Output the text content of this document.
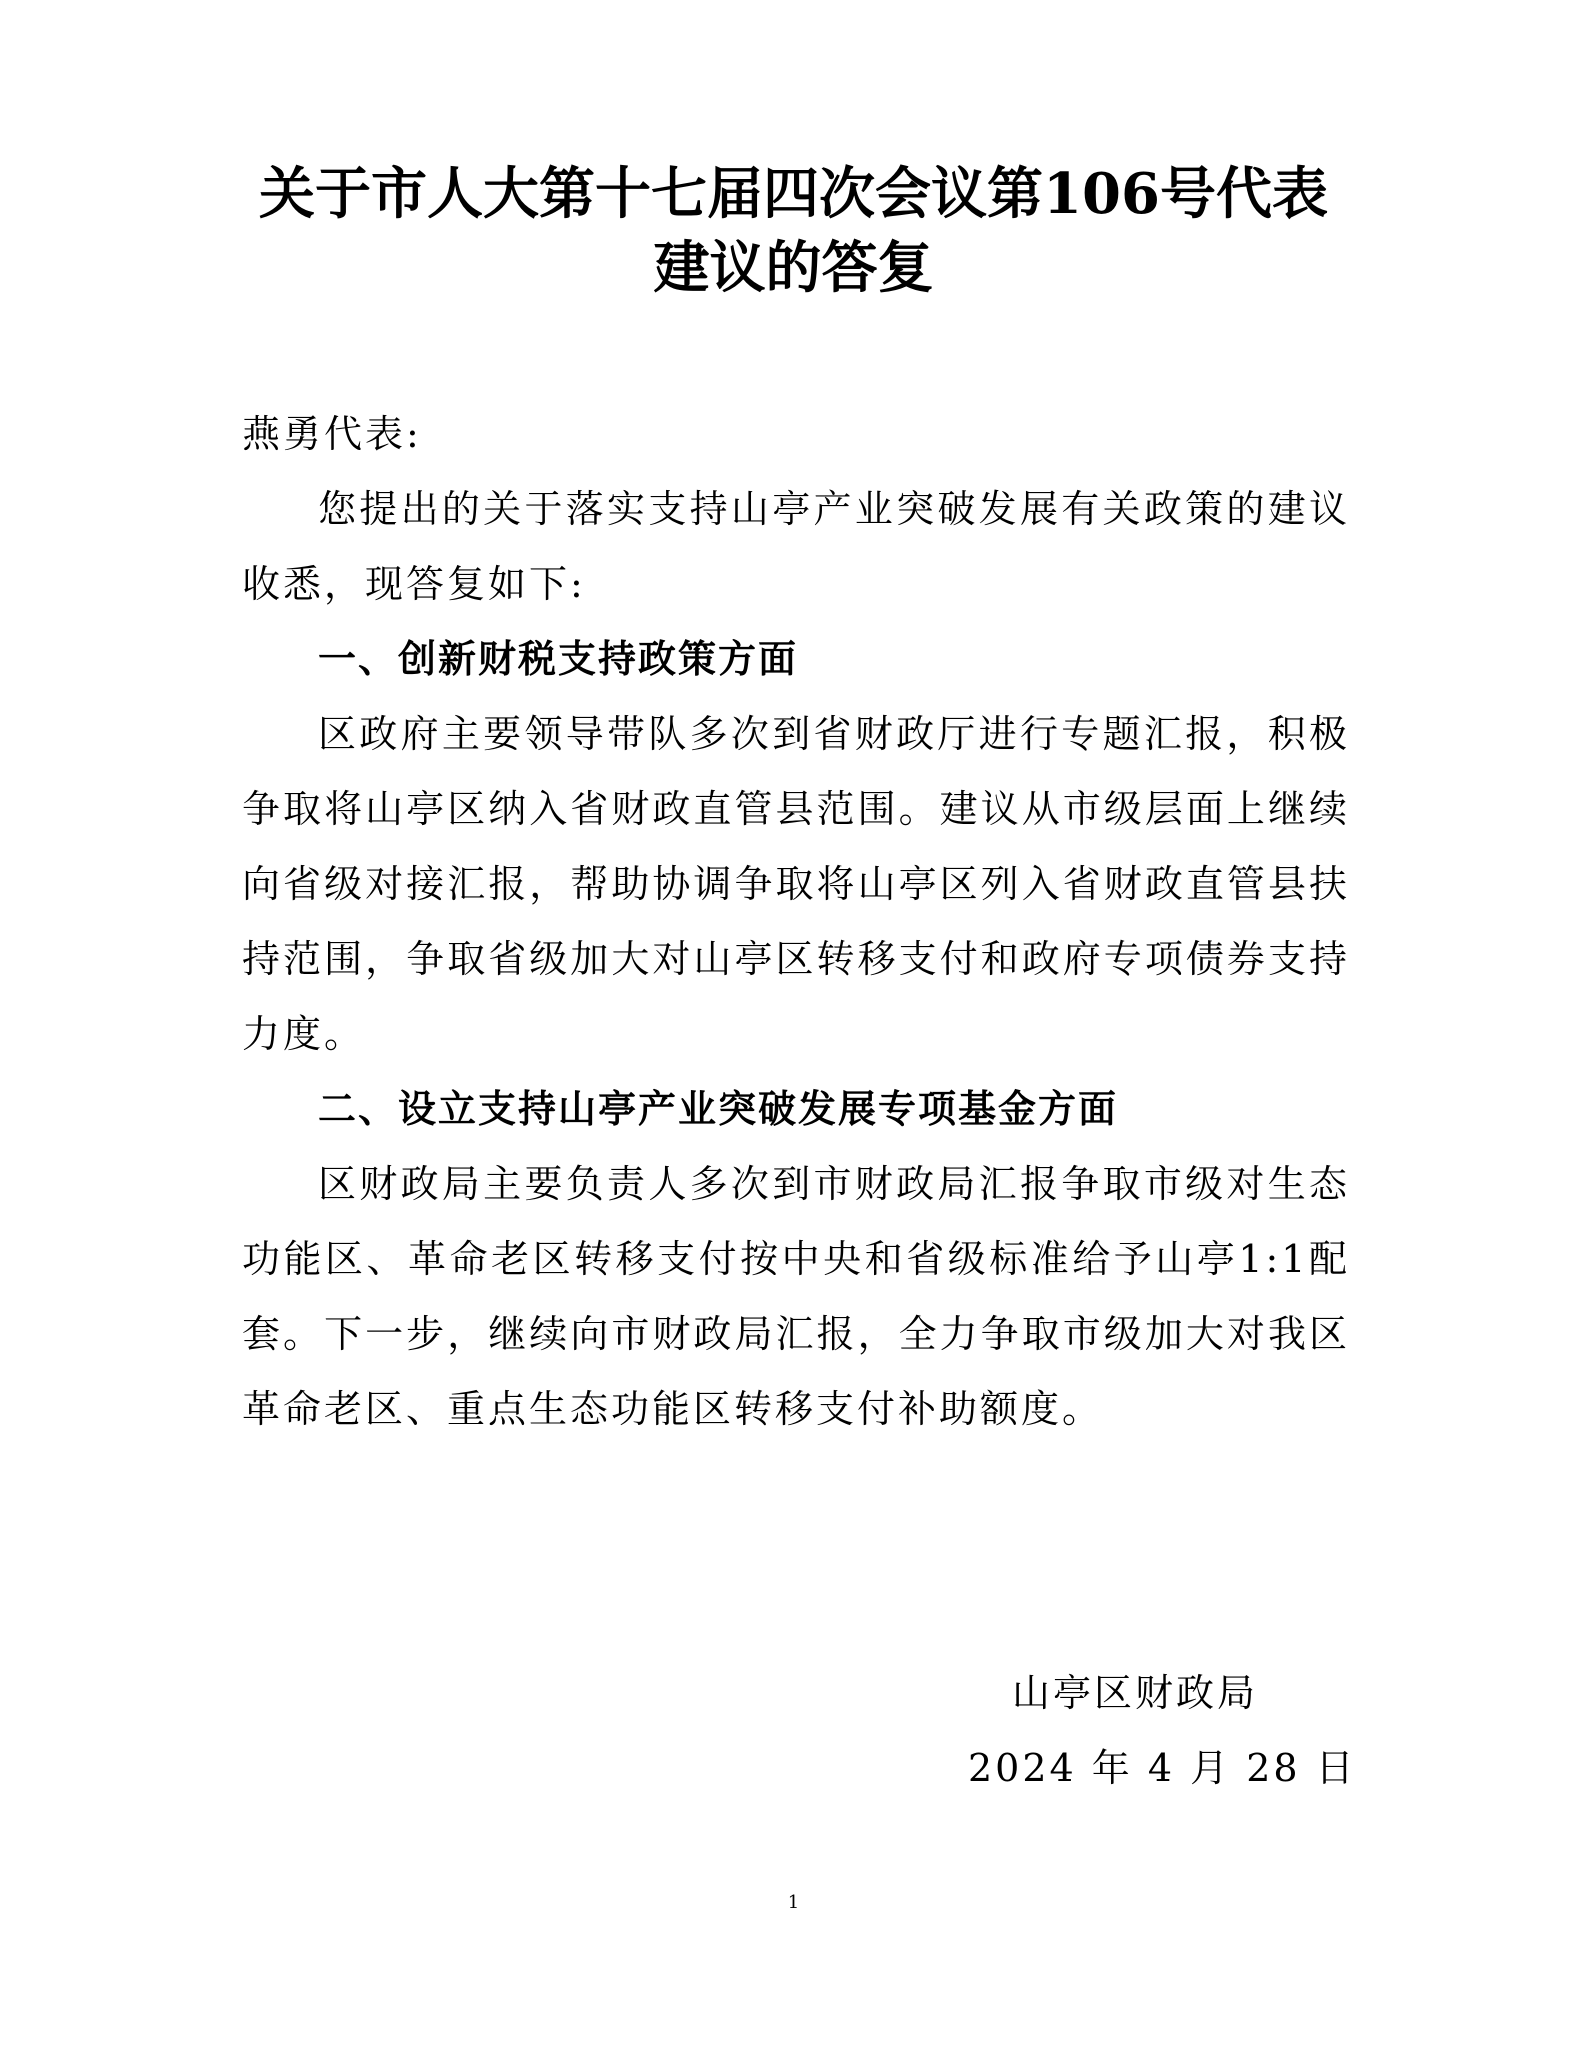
关于市人大第十七届四次会议第106号代表
建议的答复

燕勇代表:

您提出的关于落实支持山亭产业突破发展有关政策的建议收悉，现答复如下:

一、创新财税支持政策方面

区政府主要领导带队多次到省财政厅进行专题汇报，积极争取将山亭区纳入省财政直管县范围。建议从市级层面上继续向省级对接汇报，帮助协调争取将山亭区列入省财政直管县扶持范围，争取省级加大对山亭区转移支付和政府专项债券支持力度。

二、设立支持山亭产业突破发展专项基金方面

区财政局主要负责人多次到市财政局汇报争取市级对生态功能区、革命老区转移支付按中央和省级标准给予山亭1:1配套。下一步，继续向市财政局汇报，全力争取市级加大对我区革命老区、重点生态功能区转移支付补助额度。

山亭区财政局

2024 年 4 月 28 日

1
